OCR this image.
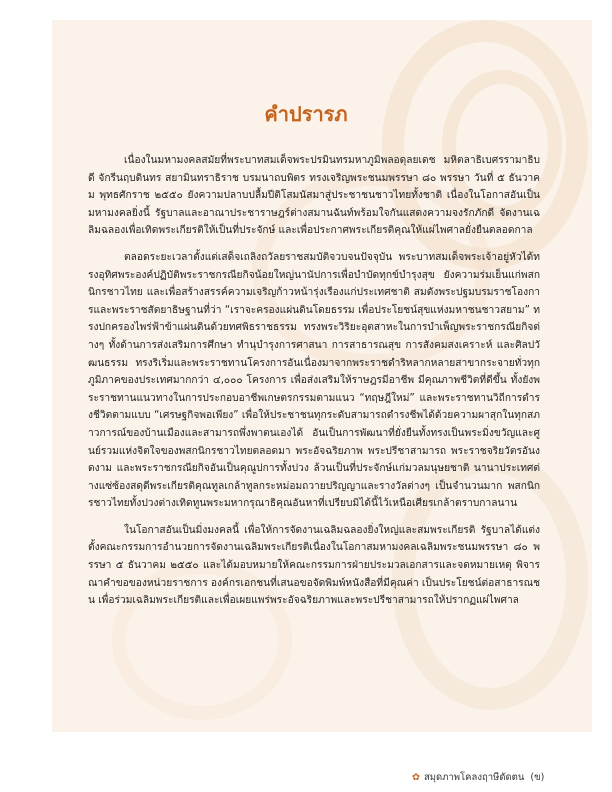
คำปรารภ

เนื่องในมหามงคลสมัยที่พระบาทสมเด็จพระปรมินทรมหาภูมิพลอดุลยเดช มหิตลาธิเบศรรามาธิบดี จักรีนฤบดินทร สยามินทราธิราช บรมนาถบพิตร ทรงเจริญพระชนมพรรษา ๘๐ พรรษา วันที่ ๕ ธันวาคม พุทธศักราช ๒๕๕๐ ยังความปลาบปลื้มปีติโสมนัสมาสู่ประชาชนชาวไทยทั้งชาติ เนื่องในโอกาสอันเป็นมหามงคลยิ่งนี้ รัฐบาลและอาณาประชาราษฎร์ต่างสมานฉันท์พร้อมใจกันแสดงความจงรักภักดี จัดงานเฉลิมฉลองเพื่อเทิดพระเกียรติให้เป็นที่ประจักษ์ และเพื่อประกาศพระเกียรติคุณให้แผ่ไพศาลยั่งยืนตลอดกาล

ตลอดระยะเวลาตั้งแต่เสด็จเถลิงถวัลยราชสมบัติจวบจนปัจจุบัน พระบาทสมเด็จพระเจ้าอยู่หัวได้ทรงอุทิศพระองค์ปฏิบัติพระราชกรณียกิจน้อยใหญ่นานัปการเพื่อบำบัดทุกข์บำรุงสุข ยังความร่มเย็นแก่พสกนิกรชาวไทย และเพื่อสร้างสรรค์ความเจริญก้าวหน้ารุ่งเรืองแก่ประเทศชาติ สมดังพระปฐมบรมราชโองการและพระราชสัตยาธิษฐานที่ว่า “เราจะครองแผ่นดินโดยธรรม เพื่อประโยชน์สุขแห่งมหาชนชาวสยาม” ทรงปกครองไพร่ฟ้าข้าแผ่นดินด้วยทศพิธราชธรรม ทรงพระวิริยะอุตสาหะในการบำเพ็ญพระราชกรณียกิจต่างๆ ทั้งด้านการส่งเสริมการศึกษา ทำนุบำรุงการศาสนา การสาธารณสุข การสังคมสงเคราะห์ และศิลปวัฒนธรรม ทรงริเริ่มและพระราชทานโครงการอันเนื่องมาจากพระราชดำริหลากหลายสาขากระจายทั่วทุกภูมิภาคของประเทศมากกว่า ๔,๐๐๐ โครงการ เพื่อส่งเสริมให้ราษฎรมีอาชีพ มีคุณภาพชีวิตที่ดีขึ้น ทั้งยังพระราชทานแนวทางในการประกอบอาชีพเกษตรกรรมตามแนว “ทฤษฎีใหม่” และพระราชทานวิถีการดำรงชีวิตตามแบบ “เศรษฐกิจพอเพียง” เพื่อให้ประชาชนทุกระดับสามารถดำรงชีพได้ด้วยความผาสุกในทุกสภาวการณ์ของบ้านเมืองและสามารถพึ่งพาตนเองได้ อันเป็นการพัฒนาที่ยั่งยืนทั้งทรงเป็นพระมิ่งขวัญและศูนย์รวมแห่งจิตใจของพสกนิกรชาวไทยตลอดมา พระอัจฉริยภาพ พระปรีชาสามารถ พระราชจริยวัตรอันงดงาม และพระราชกรณียกิจอันเป็นคุณูปการทั้งปวง ล้วนเป็นที่ประจักษ์แก่มวลมนุษยชาติ นานาประเทศต่างแซ่ซ้องสดุดีพระเกียรติคุณทูลเกล้าทูลกระหม่อมถวายปริญญาและรางวัลต่างๆ เป็นจำนวนมาก พสกนิกรชาวไทยทั้งปวงต่างเทิดทูนพระมหากรุณาธิคุณอันหาที่เปรียบมิได้นี้ไว้เหนือเศียรเกล้าตราบกาลนาน

ในโอกาสอันเป็นมิ่งมงคลนี้ เพื่อให้การจัดงานเฉลิมฉลองยิ่งใหญ่และสมพระเกียรติ รัฐบาลได้แต่งตั้งคณะกรรมการอำนวยการจัดงานเฉลิมพระเกียรติเนื่องในโอกาสมหามงคลเฉลิมพระชนมพรรษา ๘๐ พรรษา ๕ ธันวาคม ๒๕๕๐ และได้มอบหมายให้คณะกรรมการฝ่ายประมวลเอกสารและจดหมายเหตุ พิจารณาคำขอของหน่วยราชการ องค์กรเอกชนที่เสนอขอจัดพิมพ์หนังสือที่มีคุณค่า เป็นประโยชน์ต่อสาธารณชน เพื่อร่วมเฉลิมพระเกียรติและเพื่อเผยแพร่พระอัจฉริยภาพและพระปรีชาสามารถให้ปรากฏแผ่ไพศาล

✿ สมุดภาพโคลงฤาษีดัดตน (ข)
